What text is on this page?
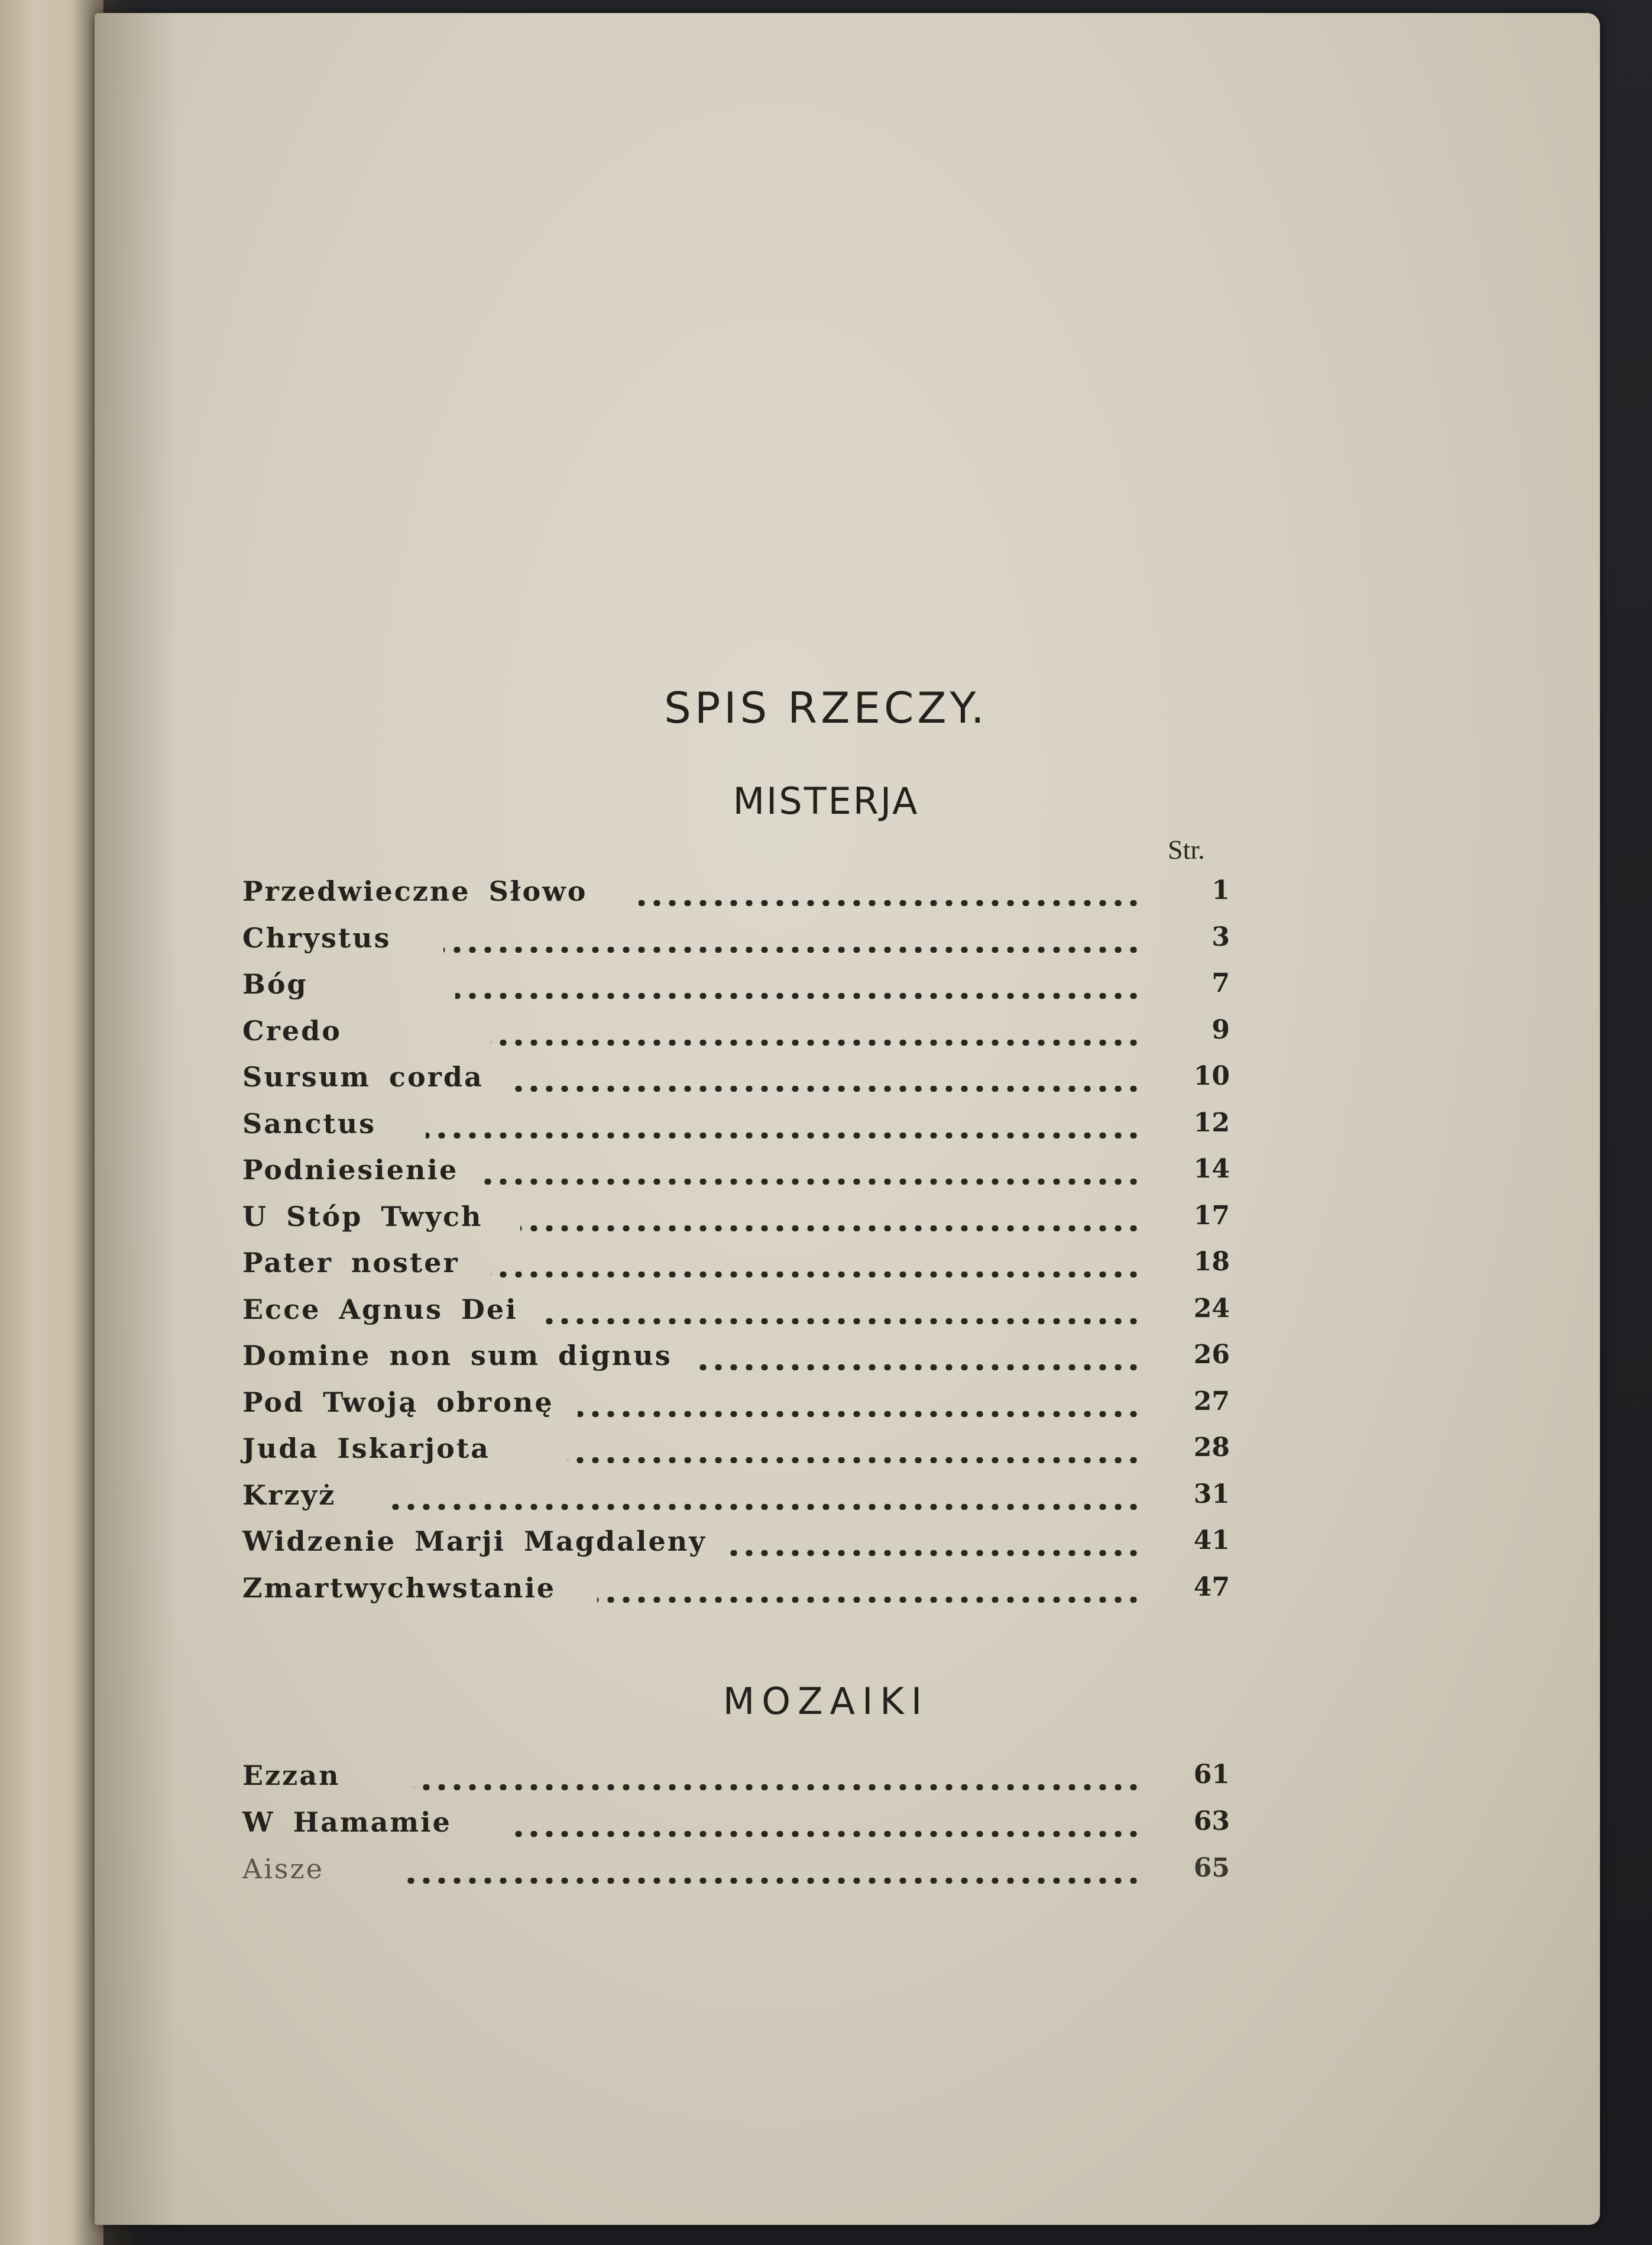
SPIS RZECZY.
MISTERJA
Str.
Przedwieczne Słowo	1
Chrystus	3
Bóg	7
Credo	9
Sursum corda	10
Sanctus	12
Podniesienie	14
U Stóp Twych	17
Pater noster	18
Ecce Agnus Dei	24
Domine non sum dignus	26
Pod Twoją obronę	27
Juda Iskarjota	28
Krzyż	31
Widzenie Marji Magdaleny	41
Zmartwychwstanie	47
MOZAIKI
Ezzan	61
W Hamamie	63
Aisze	65
